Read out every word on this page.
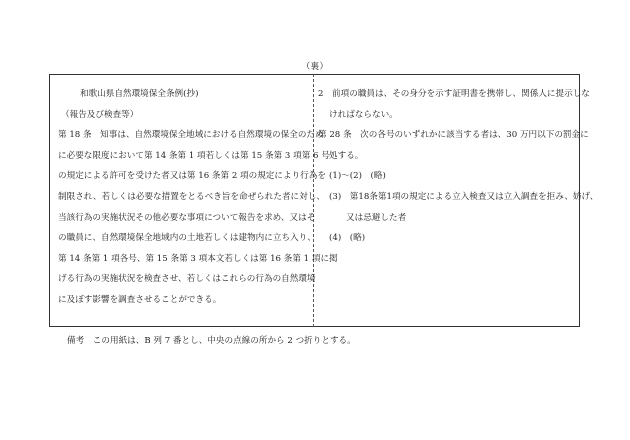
（裏）
和歌山県自然環境保全条例(抄)
（報告及び検査等）
第 18 条　知事は、自然環境保全地域における自然環境の保全のため
に必要な限度において第 14 条第 1 項若しくは第 15 条第 3 項第 6 号
の規定による許可を受けた者又は第 16 条第 2 項の規定により行為を
制限され、若しくは必要な措置をとるべき旨を命ぜられた者に対し、
当該行為の実施状況その他必要な事項について報告を求め、又はそ
の職員に、自然環境保全地域内の土地若しくは建物内に立ち入り、
第 14 条第 1 項各号、第 15 条第 3 項本文若しくは第 16 条第 1 項に掲
げる行為の実施状況を検査させ、若しくはこれらの行為の自然環境
に及ぼす影響を調査させることができる。
2　前項の職員は、その身分を示す証明書を携帯し、関係人に提示しな
ければならない。
第 28 条　次の各号のいずれかに該当する者は、30 万円以下の罰金に
処する。
(1)～(2)　(略)
(3)　第18条第1項の規定による立入検査又は立入調査を拒み、妨げ、
又は忌避した者
(4)　(略)
備考　この用紙は、B 列 7 番とし、中央の点線の所から 2 つ折りとする。
